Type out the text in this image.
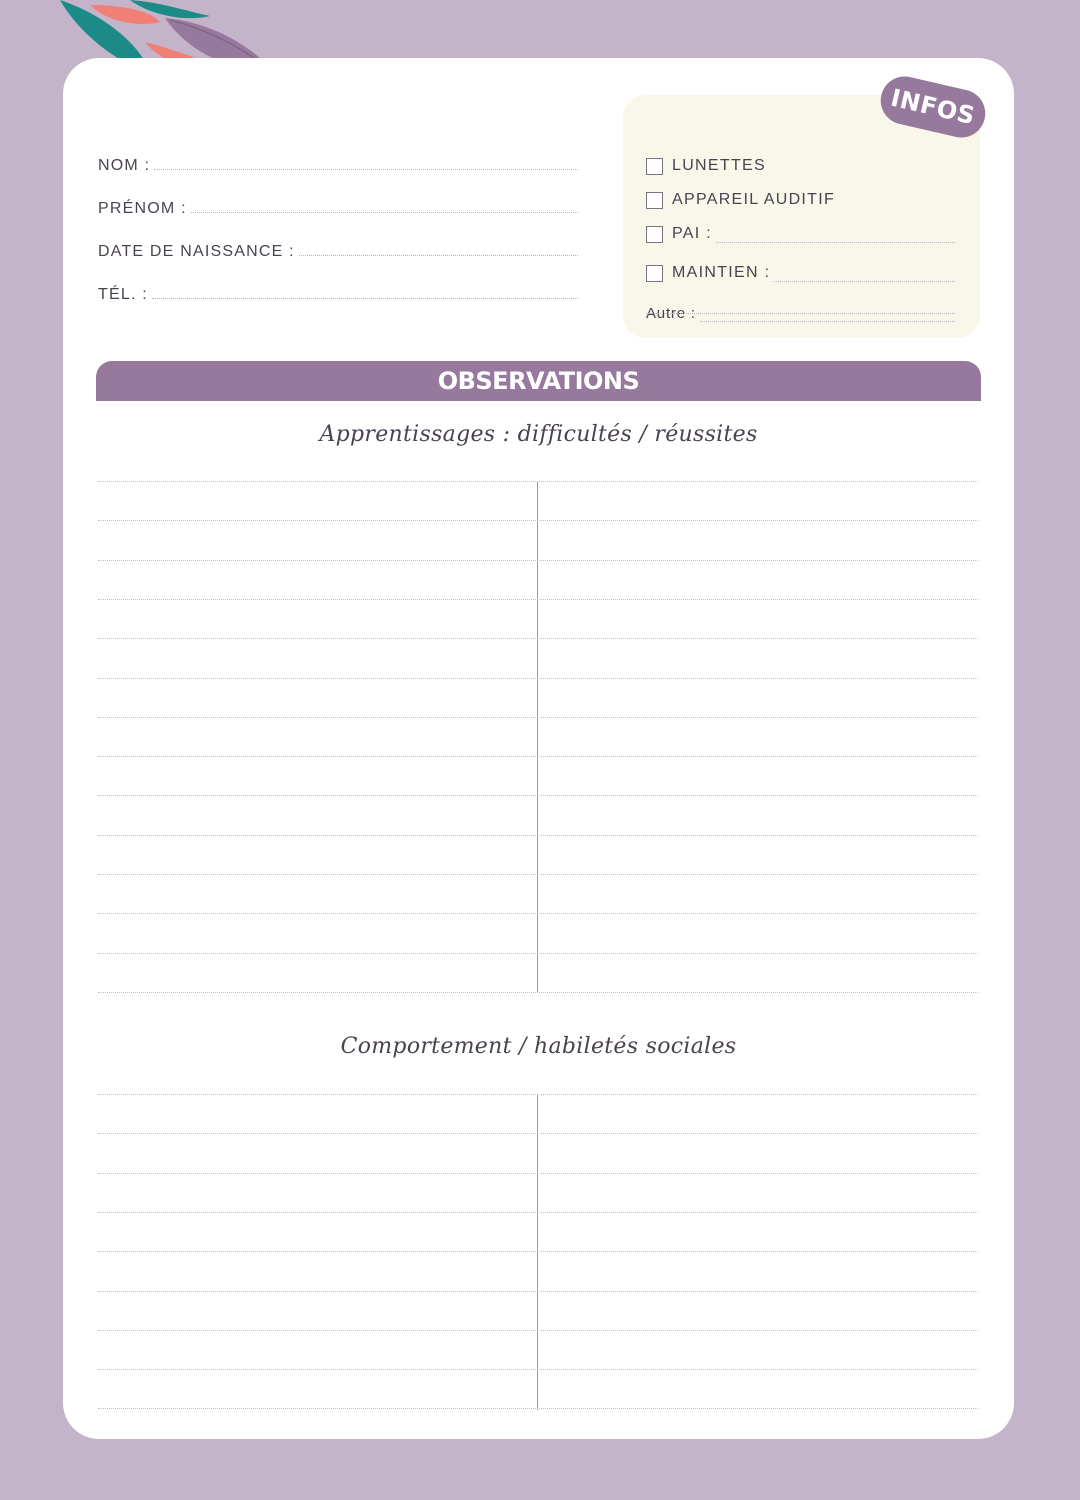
NOM :
PRÉNOM :
DATE DE NAISSANCE :
TÉL. :
LUNETTES
APPAREIL AUDITIF
PAI :
MAINTIEN :
Autre :
INFOS
OBSERVATIONS
Apprentissages : difficultés / réussites
Comportement / habiletés sociales
